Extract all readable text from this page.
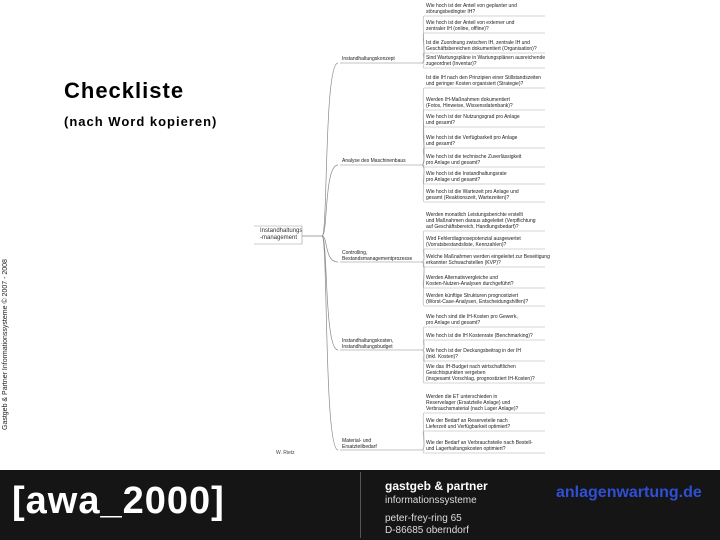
Checkliste
(nach Word kopieren)
Gastgeb & Partner Informationssysteme © 2007 - 2008
Instandhaltungs -management
Instandhaltungskonzept
Wie hoch ist der Anteil von geplanter und störungsbedingter IH?
Wie hoch ist der Anteil von externer und zentraler IH (online, offline)?
Ist die Zuordnung zwischen IH, zentrale IH und Geschäftsbereichen dokumentiert (Organisation)?
Sind Wartungspläne in Wartungsplänen ausreichende zugeordnet (Inventar)?
Analyse des Maschinenbaus
Ist die IH nach den Prinzipien einer Stillstandszeiten und geringer Kosten organisiert (Strategie)?
Werden IH-Maßnahmen dokumentiert (Fotos, Hinweise, Wissensdatenbank)?
Wie hoch ist der Nutzungsgrad pro Anlage und gesamt?
Wie hoch ist die Verfügbarkeit pro Anlage und gesamt?
Wie hoch ist die technische Zuverlässigkeit pro Anlage und gesamt?
Wie hoch ist die Instandhaltungsrate pro Anlage und gesamt?
Wie hoch ist die Wartezeit pro Anlage und gesamt (Reaktionszeit, Wartezeiten)?
Controlling, Bestandsmanagementprozesse
Werden monatlich Leistungsberichte erstellt und Maßnahmen daraus abgeleitet (Verpflichtung auf Geschäftsbereich, Handlungsbedarf)?
Wird Fehlerdiagnosepotenzial ausgewertet (Vorratsbestandsliste, Kennzahlen)?
Welche Maßnahmen werden eingeleitet zur Beseitigung erkannter Schwachstellen (KVP)?
Werden Alternativvergleiche und Kosten-Nutzen-Analysen durchgeführt?
Werden künftige Strukturen prognostiziert (Worst-Case-Analysen, Entscheidungshilfen)?
Instandhaltungskosten, Instandhaltungsbudget
Wie hoch sind die IH-Kosten pro Gewerk, pro Anlage und gesamt?
Wie hoch ist die IH Kostenrate (Benchmarking)?
Wie hoch ist der Deckungsbeitrag in der IH (inkl. Kosten)?
Wie das IH-Budget nach wirtschaftlichen Gesichtspunkten vergeben (insgesamt Vorschlag, prognostiziert IH-Kosten)?
Material- und Ersatzteilbedarf
Werden die ET unterschieden in Reservelager (Ersatzteile Anlage) und Verbrauchsmaterial (nach Lager Anlage)?
Wie der Bedarf an Reserveteile nach Lieferzeit und Verfügbarkeit optimiert?
Wie der Bedarf an Verbrauchsteile nach Bestell-und Lagerhaltungskosten optimiert?
W. Rietz
[awa_2000]	gastgeb & partner
informationssysteme
peter-frey-ring 65
D-86685 oberndorf
anlagenwartung.de
